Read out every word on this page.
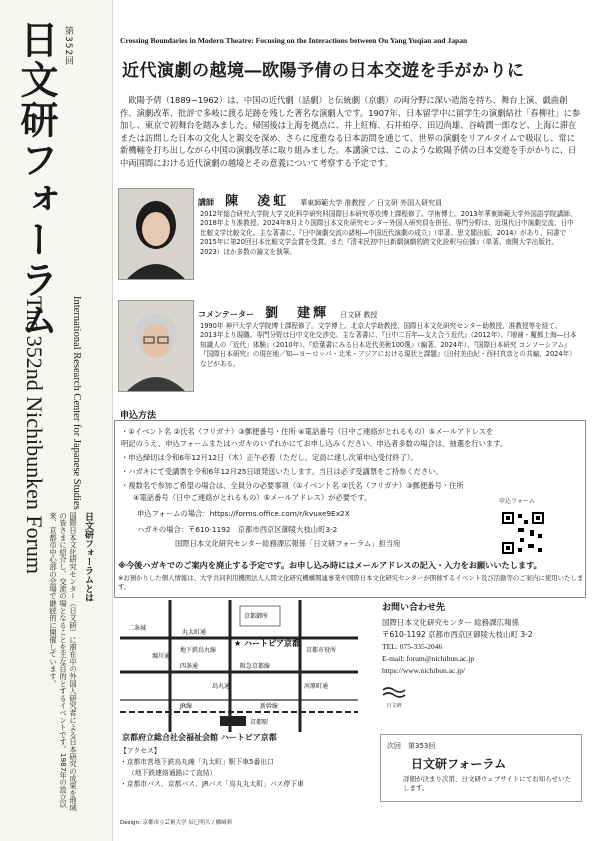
第352回
日文研フォーラム
The 352nd Nichibunken Forum International Research Center for Japanese Studies
日文研フォーラムとは
国際日本文化研究センター（日文研）に滞在中の外国人研究者による日本研究の成果を地域の皆さまに紹介し、交流の場となることを主な目的とするイベントです。1987年の設立以来、京都市中心部の会場で継続的に開催しています。
Crossing Boundaries in Modern Theatre: Focusing on the Interactions between Ou Yang Yuqian and Japan
近代演劇の越境―欧陽予倩の日本交遊を手がかりに
欧陽予倩（1889−1962）は、中国の近代劇（話劇）と伝統劇（京劇）の両分野に深い造詣を持ち、舞台上演、戯曲創作、演劇改革、批評で多岐に渡る足跡を残した著名な演劇人です。1907年、日本留学中に留学生の演劇結社「春柳社」に参加し、東京で初舞台を踏みました。帰国後は上海を拠点に、井上紅梅、石井柏亭、田辺尚雄、谷崎潤一郎など、上海に滞在または訪問した日本の文化人と親交を深め、さらに度重なる日本訪問を通じて、世界の演劇をリアルタイムで吸収し、常に新機軸を打ち出しながら中国の演劇改革に取り組みました。本講演では、このような欧陽予倩の日本交遊を手がかりに、日中両国間における近代演劇の越境とその意義について考察する予定です。
講師 陳　凌虹 華東師範大学 准教授 ／ 日文研 外国人研究員
2012年総合研究大学院大学文化科学研究科国際日本研究専攻博士課程修了。学術博士。2013年華東師範大学外国語学院講師、2018年より准教授。2024年8月より国際日本文化研究センター外国人研究員を併任。専門分野は、近現代日中演劇交流、日中比較文学比較文化。主な著書に、『日中演劇交流の諸相―中国近代演劇の成立』（単著、思文閣出版、2014）があり、同書で2015年に第20回日本比較文学会賞を受賞。また『清末民初中日新劇演劇的跨文化詮釈与伝播』（単著、南開大学出版社、2023）ほか多数の論文を執筆。
コメンテーター 劉　建輝 日文研 教授
1990年 神戸大学大学院博士課程修了。文学博士。北京大学助教授、国際日本文化研究センター助教授、准教授等を経て、2013年より現職。専門分野は日中文化交渉史。主な著書に、『日中二百年―支え合う近代』（2012年）、『増補・魔都上海―日本知識人の「近代」体験』（2010年）、『絵葉書にみる日本近代美術100選』（編著、2024年）、『国際日本研究 コンソーシアム』『国際日本研究』の現在地／知―ヨーロッパ・北米・アジアにおける現状と課題』（田村美由紀・西村真彦との共編、2024年）などがある。
申込方法
・①イベント名 ②氏名（フリガナ）③郵便番号・住所 ④電話番号（日中ご連絡がとれるもの）⑤メールアドレスを
明記のうえ、申込フォームまたはハガキのいずれかにてお申し込みください。申込者多数の場合は、抽選を行います。
・申込締切は令和6年12月12日（木）正午必着（ただし、定員に達し次第申込受付終了）。
・ハガキにて受講票を令和6年12月25日頃発送いたします。当日は必ず受講票をご持参ください。
・複数名で参加ご希望の場合は、全員分の必要事項（①イベント名 ②氏名（フリガナ）③郵便番号・住所
④電話番号（日中ご連絡がとれるもの）⑤メールアドレス）が必要です。
申込フォームの場合：https://forms.office.com/r/kvuxe9Ex2X
ハガキの場合：〒610-1192　京都市西京区御陵大枝山町3-2
国際日本文化研究センター総務課広報係「日文研フォーラム」担当宛
申込フォーム
※今後ハガキでのご案内を廃止する予定です。お申し込み時にはメールアドレスの記入・入力をお願いいたします。
※お預かりした個人情報は、大学共同利用機関法人人間文化研究機構関連事業や国際日本文化研究センターが開催するイベント及び活動等のご案内に使用いたします。
丸太町通
京都御所
地下鉄烏丸線
四条通	阪急京都線
JR線	新幹線
京都駅
堀川通
烏丸通	河原町通
二条城
京都市役所
★ ハートピア京都
京都府立総合社会福祉会館 ハートピア京都
【アクセス】
・京都市営地下鉄烏丸線「丸太町」駅下車5番出口
（地下鉄連絡通路にて直結）
・京都市バス、京都バス、JRバス「烏丸丸太町」バス停下車
Design: 京都市立芸術大学 辰巳明久 / 橋﨑彩
お問い合わせ先
国際日本文化研究センター 総務課広報係
〒610-1192 京都市西京区御陵大枝山町 3-2
TEL: 075-335-2046
E-mail: forum@nichibun.ac.jp
https://www.nichibun.ac.jp/
日文研
次回　第353回
日文研フォーラム
詳細が決まり次第、日文研ウェブサイトにてお知らせいたします。
